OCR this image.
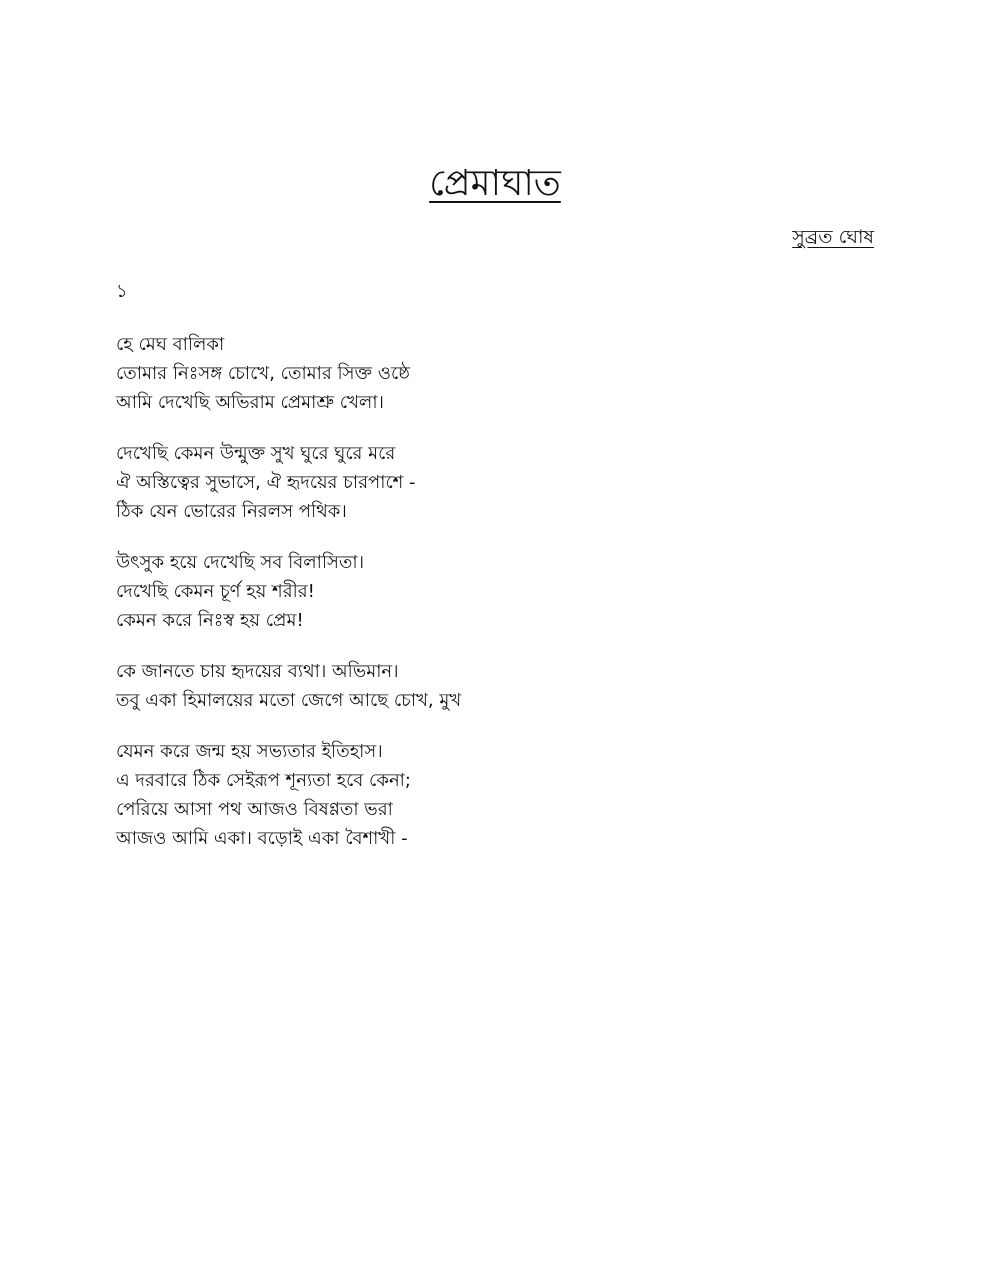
প্রেমাঘাত
সুব্রত ঘোষ
১
হে মেঘ বালিকা
তোমার নিঃসঙ্গ চোখে, তোমার সিক্ত ওষ্ঠে
আমি দেখেছি অভিরাম প্রেমাশ্রু খেলা।
দেখেছি কেমন উন্মুক্ত সুখ ঘুরে ঘুরে মরে
ঐ অস্তিত্বের সুভাসে, ঐ হৃদয়ের চারপাশে -
ঠিক যেন ভোরের নিরলস পথিক।
উৎসুক হয়ে দেখেছি সব বিলাসিতা।
দেখেছি কেমন চূর্ণ হয় শরীর!
কেমন করে নিঃস্ব হয় প্রেম!
কে জানতে চায় হৃদয়ের ব্যথা। অভিমান।
তবু একা হিমালয়ের মতো জেগে আছে চোখ, মুখ
যেমন করে জন্ম হয় সভ্যতার ইতিহাস।
এ দরবারে ঠিক সেইরূপ শূন্যতা হবে কেনা;
পেরিয়ে আসা পথ আজও বিষণ্ণতা ভরা
আজও আমি একা। বড়োই একা বৈশাখী -
